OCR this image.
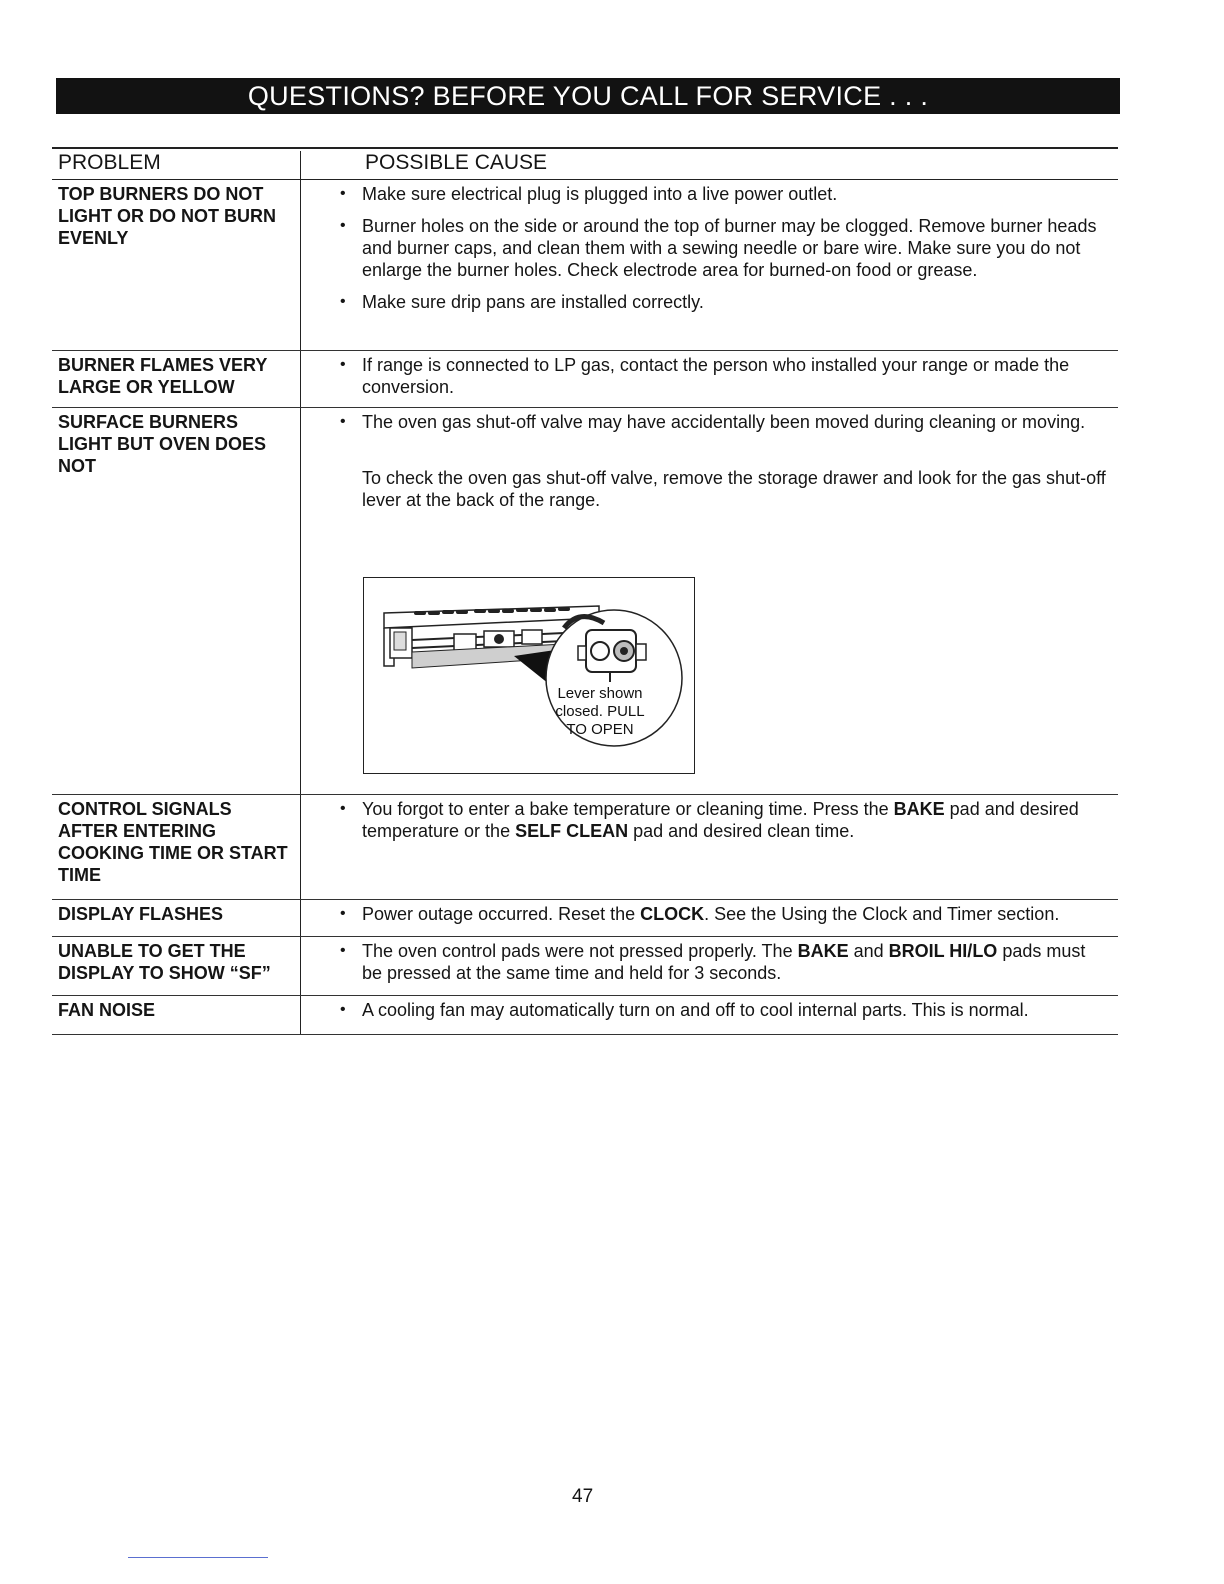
QUESTIONS? BEFORE YOU CALL FOR SERVICE . . .
PROBLEM	POSSIBLE CAUSE
TOP BURNERS DO NOT LIGHT OR DO NOT BURN EVENLY
• Make sure electrical plug is plugged into a live power outlet.
• Burner holes on the side or around the top of burner may be clogged. Remove burner heads and burner caps, and clean them with a sewing needle or bare wire. Make sure you do not enlarge the burner holes. Check electrode area for burned-on food or grease.
• Make sure drip pans are installed correctly.
BURNER FLAMES VERY LARGE OR YELLOW
• If range is connected to LP gas, contact the person who installed your range or made the conversion.
SURFACE BURNERS LIGHT BUT OVEN DOES NOT
• The oven gas shut-off valve may have accidentally been moved during cleaning or moving.
To check the oven gas shut-off valve, remove the storage drawer and look for the gas shut-off lever at the back of the range.
CONTROL SIGNALS AFTER ENTERING COOKING TIME OR START TIME
• You forgot to enter a bake temperature or cleaning time. Press the BAKE pad and desired temperature or the SELF CLEAN pad and desired clean time.
DISPLAY FLASHES	• Power outage occurred. Reset the CLOCK. See the Using the Clock and Timer section.
UNABLE TO GET THE DISPLAY TO SHOW “SF”
• The oven control pads were not pressed properly. The BAKE and BROIL HI/LO pads must be pressed at the same time and held for 3 seconds.
FAN NOISE	• A cooling fan may automatically turn on and off to cool internal parts. This is normal.
Lever shown closed. PULL TO OPEN
47
